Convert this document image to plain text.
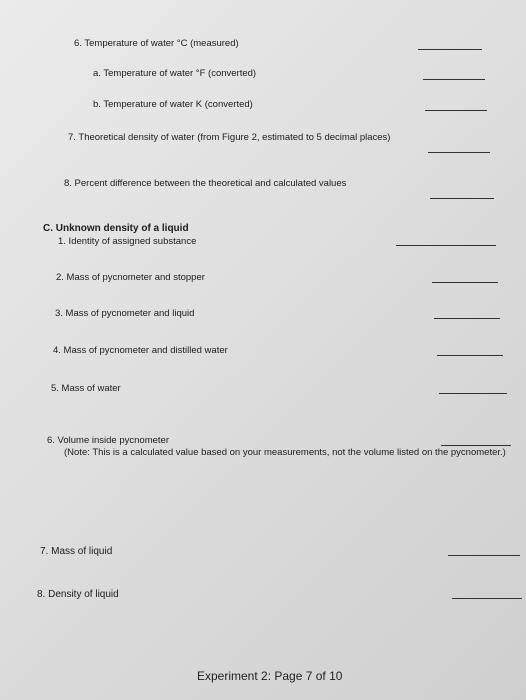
6. Temperature of water °C (measured)
a. Temperature of water °F (converted)
b. Temperature of water K (converted)
7. Theoretical density of water (from Figure 2, estimated to 5 decimal places)
8. Percent difference between the theoretical and calculated values
C. Unknown density of a liquid
1. Identity of assigned substance
2. Mass of pycnometer and stopper
3. Mass of pycnometer and liquid
4. Mass of pycnometer and distilled water
5. Mass of water
6. Volume inside pycnometer
(Note: This is a calculated value based on your measurements, not the volume listed on the pycnometer.)
7. Mass of liquid
8. Density of liquid
Experiment 2: Page 7 of 10
